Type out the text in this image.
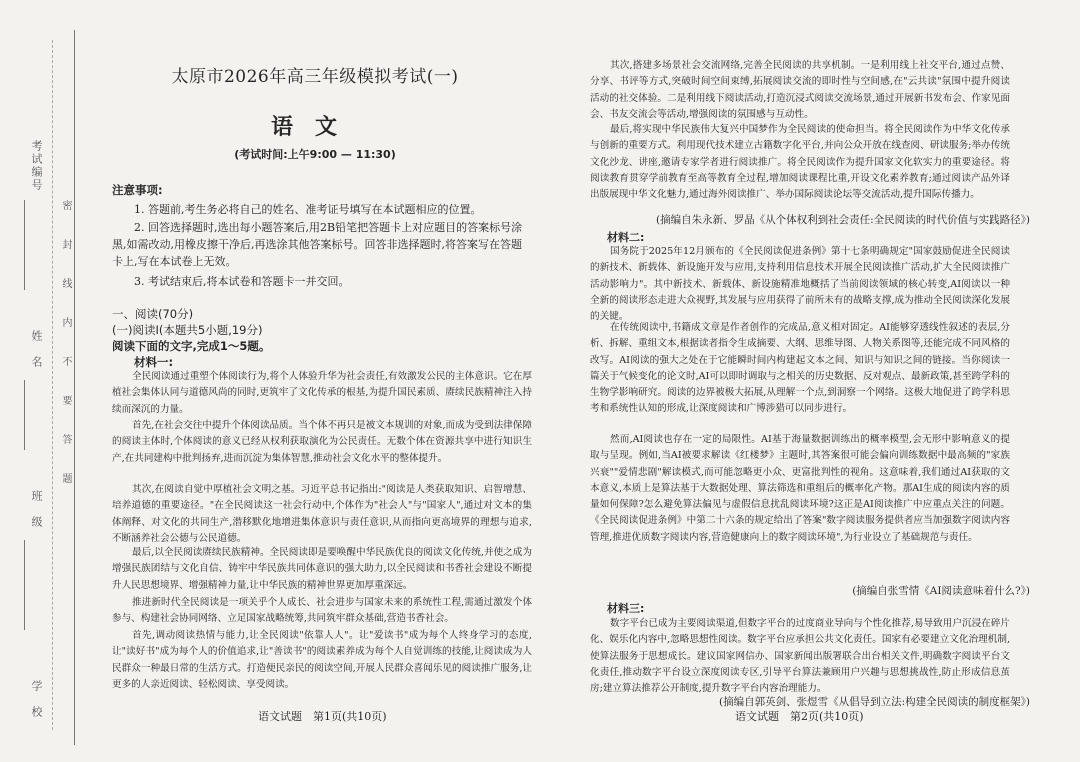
考试编号
姓　名
班　级
学　校
密　　封　　线　　内　　不　　要　　答　　题
太原市2026年高三年级模拟考试(一)
语文
(考试时间:上午9:00 — 11:30)
注意事项:
1. 答题前,考生务必将自己的姓名、准考证号填写在本试题相应的位置。
2. 回答选择题时,选出每小题答案后,用2B铅笔把答题卡上对应题目的答案标号涂黑,如需改动,用橡皮擦干净后,再选涂其他答案标号。回答非选择题时,将答案写在答题卡上,写在本试卷上无效。
3. 考试结束后,将本试卷和答题卡一并交回。
一、阅读(70分)
(一)阅读Ⅰ(本题共5小题,19分)
阅读下面的文字,完成1～5题。
材料一:

全民阅读通过重塑个体阅读行为,将个人体验升华为社会责任,有效激发公民的主体意识。它在厚植社会集体认同与道德风尚的同时,更筑牢了文化传承的根基,为提升国民素质、赓续民族精神注入持续而深沉的力量。

首先,在社会交往中提升个体阅读品质。当个体不再只是被文本规训的对象,而成为受到法律保障的阅读主体时,个体阅读的意义已经从权利获取演化为公民责任。无数个体在资源共享中进行知识生产,在共同建构中批判扬弃,进而沉淀为集体智慧,推动社会文化水平的整体提升。

其次,在阅读自觉中厚植社会文明之基。习近平总书记指出:"阅读是人类获取知识、启智增慧、培养道德的重要途径。"在全民阅读这一社会行动中,个体作为"社会人"与"国家人",通过对文本的集体阐释、对文化的共同生产,潜移默化地增进集体意识与责任意识,从而指向更高境界的理想与追求,不断涵养社会公德与公民道德。

最后,以全民阅读赓续民族精神。全民阅读即是要唤醒中华民族优良的阅读文化传统,并使之成为增强民族团结与文化自信、铸牢中华民族共同体意识的强大助力,以全民阅读和书香社会建设不断提升人民思想境界、增强精神力量,让中华民族的精神世界更加厚重深远。

推进新时代全民阅读是一项关乎个人成长、社会进步与国家未来的系统性工程,需通过激发个体参与、构建社会协同网络、立足国家战略统筹,共同筑牢群众基础,营造书香社会。

首先,调动阅读热情与能力,让全民阅读"依靠人人"。让"爱读书"成为每个人终身学习的态度,让"读好书"成为每个人的价值追求,让"善读书"的阅读素养成为每个人自觉训练的技能,让阅读成为人民群众一种最日常的生活方式。打造便民亲民的阅读空间,开展人民群众喜闻乐见的阅读推广服务,让更多的人亲近阅读、轻松阅读、享受阅读。

语文试题　第1页(共10页)

其次,搭建多场景社会交流网络,完善全民阅读的共享机制。一是利用线上社交平台,通过点赞、分享、书评等方式,突破时间空间束缚,拓展阅读交流的即时性与空间感,在"云共读"氛围中提升阅读活动的社交体验。二是利用线下阅读活动,打造沉浸式阅读交流场景,通过开展新书发布会、作家见面会、书友交流会等活动,增强阅读的氛围感与互动性。

最后,将实现中华民族伟大复兴中国梦作为全民阅读的使命担当。将全民阅读作为中华文化传承与创新的重要方式。利用现代技术建立古籍数字化平台,并向公众开放在线查阅、研读服务;举办传统文化沙龙、讲座,邀请专家学者进行阅读推广。将全民阅读作为提升国家文化软实力的重要途径。将阅读教育贯穿学前教育至高等教育全过程,增加阅读课程比重,开设文化素养教育;通过阅读产品外译出版展现中华文化魅力,通过海外阅读推广、举办国际阅读论坛等交流活动,提升国际传播力。

(摘编自朱永新、罗晶《从个体权利到社会责任:全民阅读的时代价值与实践路径》)
材料二:

国务院于2025年12月颁布的《全民阅读促进条例》第十七条明确规定"国家鼓励促进全民阅读的新技术、新载体、新设施开发与应用,支持利用信息技术开展全民阅读推广活动,扩大全民阅读推广活动影响力"。其中新技术、新载体、新设施精准地概括了当前阅读领域的核心转变,AI阅读以一种全新的阅读形态走进大众视野,其发展与应用获得了前所未有的战略支撑,成为推动全民阅读深化发展的关键。

在传统阅读中,书籍成文章是作者创作的完成品,意义相对固定。AI能够穿透线性叙述的表层,分析、拆解、重组文本,根据读者指令生成摘要、大纲、思维导图、人物关系图等,还能完成不同风格的改写。AI阅读的强大之处在于它能瞬时间内构建起文本之间、知识与知识之间的链接。当你阅读一篇关于气候变化的论文时,AI可以即时调取与之相关的历史数据、反对观点、最新政策,甚至跨学科的生物学影响研究。阅读的边界被极大拓展,从理解一个点,到洞察一个网络。这极大地促进了跨学科思考和系统性认知的形成,让深度阅读和广博涉猎可以同步进行。

然而,AI阅读也存在一定的局限性。AI基于海量数据训练出的概率模型,会无形中影响意义的提取与呈现。例如,当AI被要求解读《红楼梦》主题时,其答案很可能会偏向训练数据中最高频的"家族兴衰""爱情悲剧"解读模式,而可能忽略更小众、更富批判性的视角。这意味着,我们通过AI获取的文本意义,本质上是算法基于大数据处理、算法筛选和重组后的概率化产物。那AI生成的阅读内容的质量如何保障?怎么避免算法偏见与虚假信息扰乱阅读环境?这正是AI阅读推广中应重点关注的问题。《全民阅读促进条例》中第二十六条的规定给出了答案"数字阅读服务提供者应当加强数字阅读内容管理,推进优质数字阅读内容,营造健康向上的数字阅读环境",为行业设立了基础规范与责任。

(摘编自张雪情《AI阅读意味着什么?》)
材料三:

数字平台已成为主要阅读渠道,但数字平台的过度商业导向与个性化推荐,易导致用户沉浸在碎片化、娱乐化内容中,忽略思想性阅读。数字平台应承担公共文化责任。国家有必要建立文化治理机制,使算法服务于思想成长。建议国家网信办、国家新闻出版署联合出台相关文件,明确数字阅读平台文化责任,推动数字平台设立深度阅读专区,引导平台算法兼顾用户兴趣与思想挑战性,防止形成信息茧房;建立算法推荐公开制度,提升数字平台内容治理能力。

(摘编自郭英剑、张煜雪《从倡导到立法:构建全民阅读的制度框架》)
语文试题　第2页(共10页)
